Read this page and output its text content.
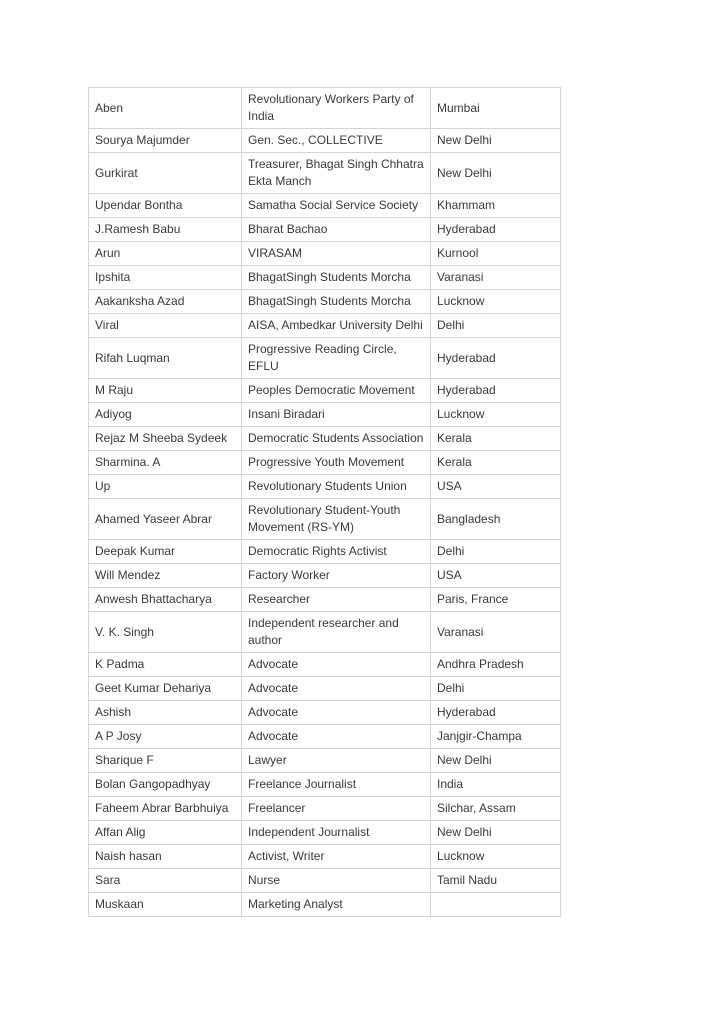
Aben	Revolutionary Workers Party of India	Mumbai
Sourya Majumder	Gen. Sec., COLLECTIVE	New Delhi
Gurkirat	Treasurer, Bhagat Singh Chhatra Ekta Manch	New Delhi
Upendar Bontha	Samatha Social Service Society	Khammam
J.Ramesh Babu	Bharat Bachao	Hyderabad
Arun	VIRASAM	Kurnool
Ipshita	BhagatSingh Students Morcha	Varanasi
Aakanksha Azad	BhagatSingh Students Morcha	Lucknow
Viral	AISA, Ambedkar University Delhi	Delhi
Rifah Luqman	Progressive Reading Circle, EFLU	Hyderabad
M Raju	Peoples Democratic Movement	Hyderabad
Adiyog	Insani Biradari	Lucknow
Rejaz M Sheeba Sydeek	Democratic Students Association	Kerala
Sharmina. A	Progressive Youth Movement	Kerala
Up	Revolutionary Students Union	USA
Ahamed Yaseer Abrar	Revolutionary Student-Youth Movement (RS-YM)	Bangladesh
Deepak Kumar	Democratic Rights Activist	Delhi
Will Mendez	Factory Worker	USA
Anwesh Bhattacharya	Researcher	Paris, France
V. K. Singh	Independent researcher and author	Varanasi
K Padma	Advocate	Andhra Pradesh
Geet Kumar Dehariya	Advocate	Delhi
Ashish	Advocate	Hyderabad
A P Josy	Advocate	Janjgir-Champa
Sharique F	Lawyer	New Delhi
Bolan Gangopadhyay	Freelance Journalist	India
Faheem Abrar Barbhuiya	Freelancer	Silchar, Assam
Affan Alig	Independent Journalist	New Delhi
Naish hasan	Activist, Writer	Lucknow
Sara	Nurse	Tamil Nadu
Muskaan	Marketing Analyst	
